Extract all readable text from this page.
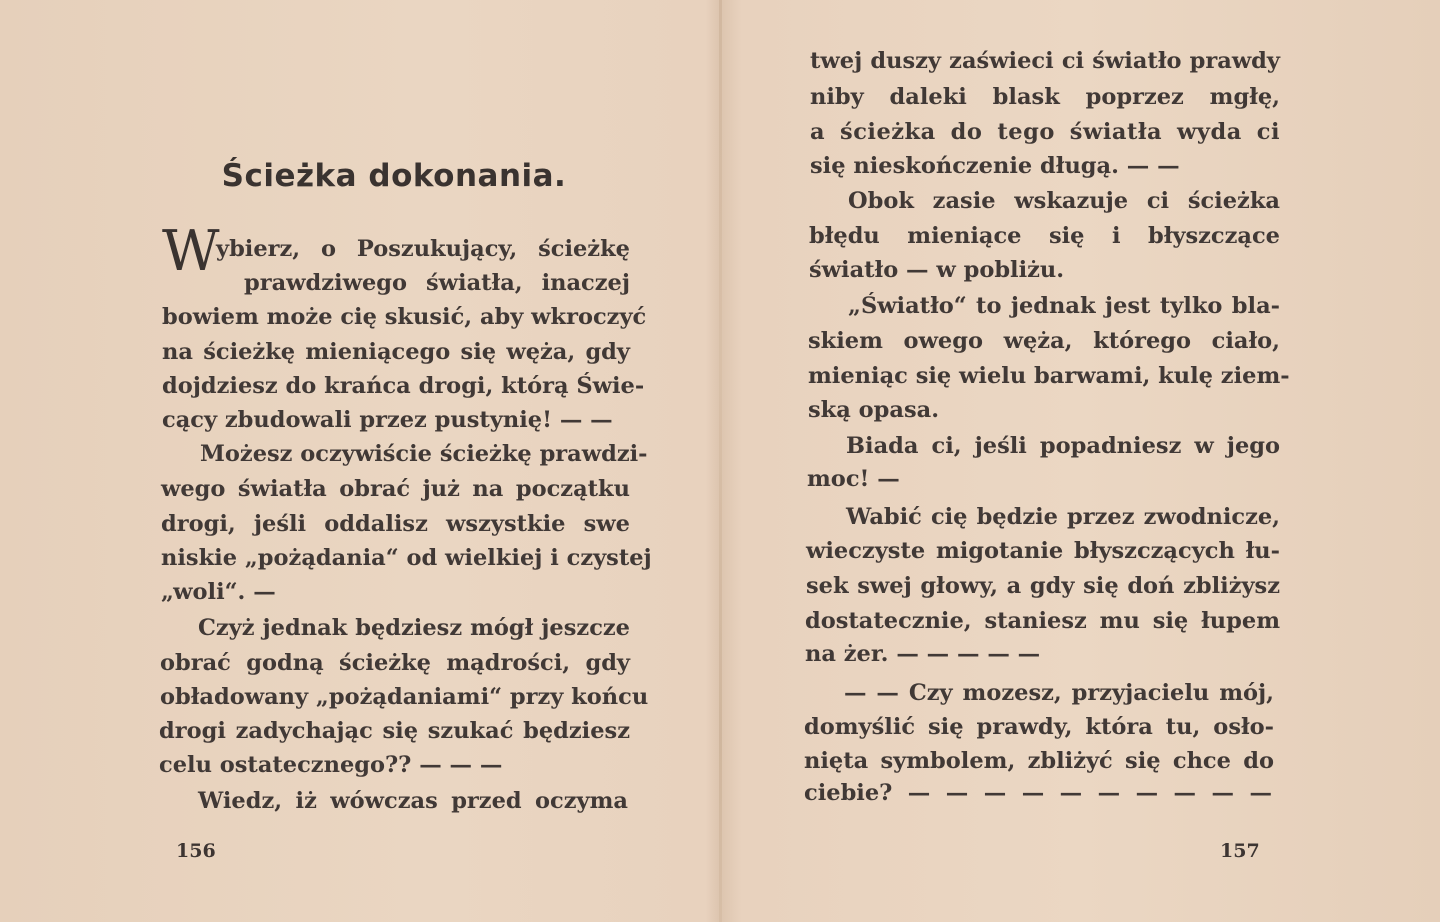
Ścieżka dokonania.
W
ybierz, o Poszukujący, ścieżkę
prawdziwego światła, inaczej
bowiem może cię skusić, aby wkroczyć
na ścieżkę mieniącego się węża, gdy
dojdziesz do krańca drogi, którą Świe-
cący zbudowali przez pustynię! — —
Możesz oczywiście ścieżkę prawdzi-
wego światła obrać już na początku
drogi, jeśli oddalisz wszystkie swe
niskie „pożądania“ od wielkiej i czystej
„woli“. —
Czyż jednak będziesz mógł jeszcze
obrać godną ścieżkę mądrości, gdy
obładowany „pożądaniami“ przy końcu
drogi zadychając się szukać będziesz
celu ostatecznego?? — — —
Wiedz, iż wówczas przed oczyma
156
twej duszy zaświeci ci światło prawdy
niby daleki blask poprzez mgłę,
a ścieżka do tego światła wyda ci
się nieskończenie długą. — —
Obok zasie wskazuje ci ścieżka
błędu mieniące się i błyszczące
światło — w pobliżu.
„Światło“ to jednak jest tylko bla-
skiem owego węża, którego ciało,
mieniąc się wielu barwami, kulę ziem-
ską opasa.
Biada ci, jeśli popadniesz w jego
moc! —
Wabić cię będzie przez zwodnicze,
wieczyste migotanie błyszczących łu-
sek swej głowy, a gdy się doń zbliżysz
dostatecznie, staniesz mu się łupem
na żer. — — — — —
— — Czy mozesz, przyjacielu mój,
domyślić się prawdy, która tu, osło-
nięta symbolem, zbliżyć się chce do
ciebie? — — — — — — — — — —
157
